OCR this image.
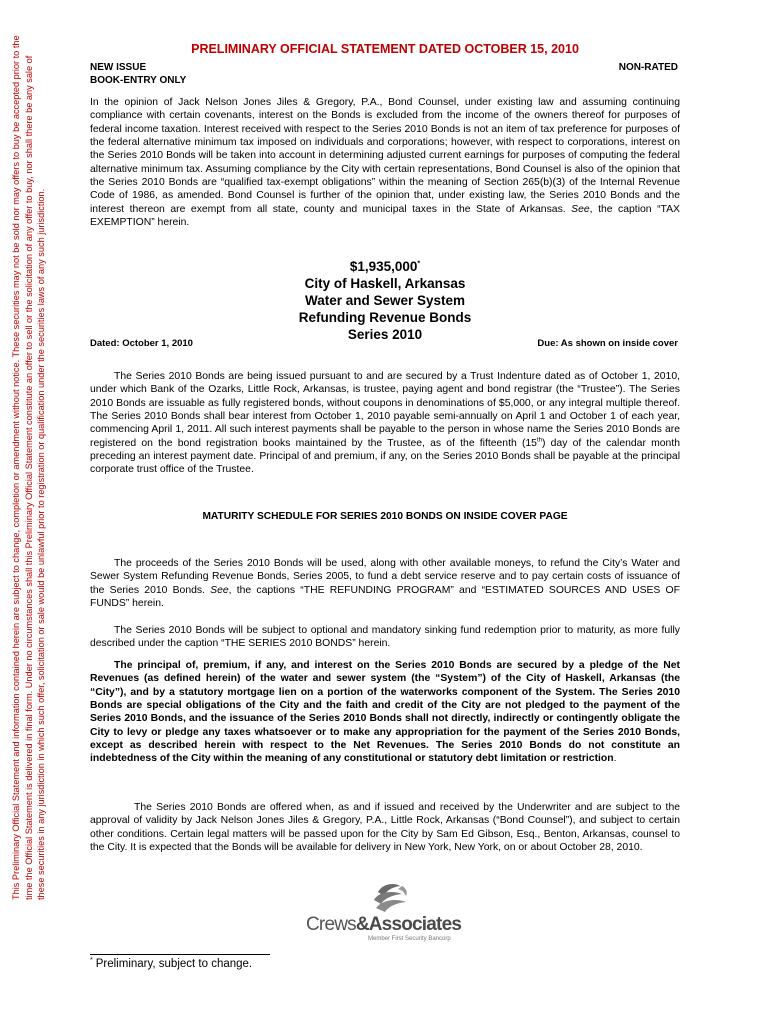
This Preliminary Official Statement and information contained herein are subject to change, completion or amendment without notice. These securities may not be sold nor may offers to buy be accepted prior to the time the Official Statement is delivered in final form. Under no circumstances shall this Preliminary Official Statement constitute an offer to sell or the solicitation of any offer to buy, nor shall there be any sale of these securities in any jurisdiction in which such offer, solicitation or sale would be unlawful prior to registration or qualification under the securities laws of any such jurisdiction.
PRELIMINARY OFFICIAL STATEMENT DATED OCTOBER 15, 2010
NEW ISSUE
BOOK-ENTRY ONLY
NON-RATED
In the opinion of Jack Nelson Jones Jiles & Gregory, P.A., Bond Counsel, under existing law and assuming continuing compliance with certain covenants, interest on the Bonds is excluded from the income of the owners thereof for purposes of federal income taxation. Interest received with respect to the Series 2010 Bonds is not an item of tax preference for purposes of the federal alternative minimum tax imposed on individuals and corporations; however, with respect to corporations, interest on the Series 2010 Bonds will be taken into account in determining adjusted current earnings for purposes of computing the federal alternative minimum tax. Assuming compliance by the City with certain representations, Bond Counsel is also of the opinion that the Series 2010 Bonds are “qualified tax-exempt obligations” within the meaning of Section 265(b)(3) of the Internal Revenue Code of 1986, as amended. Bond Counsel is further of the opinion that, under existing law, the Series 2010 Bonds and the interest thereon are exempt from all state, county and municipal taxes in the State of Arkansas. See, the caption “TAX EXEMPTION” herein.
$1,935,000*
City of Haskell, Arkansas
Water and Sewer System
Refunding Revenue Bonds
Series 2010
Dated: October 1, 2010	Due: As shown on inside cover
The Series 2010 Bonds are being issued pursuant to and are secured by a Trust Indenture dated as of October 1, 2010, under which Bank of the Ozarks, Little Rock, Arkansas, is trustee, paying agent and bond registrar (the “Trustee”). The Series 2010 Bonds are issuable as fully registered bonds, without coupons in denominations of $5,000, or any integral multiple thereof. The Series 2010 Bonds shall bear interest from October 1, 2010 payable semi-annually on April 1 and October 1 of each year, commencing April 1, 2011. All such interest payments shall be payable to the person in whose name the Series 2010 Bonds are registered on the bond registration books maintained by the Trustee, as of the fifteenth (15th) day of the calendar month preceding an interest payment date. Principal of and premium, if any, on the Series 2010 Bonds shall be payable at the principal corporate trust office of the Trustee.
MATURITY SCHEDULE FOR SERIES 2010 BONDS ON INSIDE COVER PAGE
The proceeds of the Series 2010 Bonds will be used, along with other available moneys, to refund the City’s Water and Sewer System Refunding Revenue Bonds, Series 2005, to fund a debt service reserve and to pay certain costs of issuance of the Series 2010 Bonds. See, the captions “THE REFUNDING PROGRAM” and “ESTIMATED SOURCES AND USES OF FUNDS” herein.
The Series 2010 Bonds will be subject to optional and mandatory sinking fund redemption prior to maturity, as more fully described under the caption “THE SERIES 2010 BONDS” herein.
The principal of, premium, if any, and interest on the Series 2010 Bonds are secured by a pledge of the Net Revenues (as defined herein) of the water and sewer system (the “System”) of the City of Haskell, Arkansas (the “City”), and by a statutory mortgage lien on a portion of the waterworks component of the System. The Series 2010 Bonds are special obligations of the City and the faith and credit of the City are not pledged to the payment of the Series 2010 Bonds, and the issuance of the Series 2010 Bonds shall not directly, indirectly or contingently obligate the City to levy or pledge any taxes whatsoever or to make any appropriation for the payment of the Series 2010 Bonds, except as described herein with respect to the Net Revenues. The Series 2010 Bonds do not constitute an indebtedness of the City within the meaning of any constitutional or statutory debt limitation or restriction.
The Series 2010 Bonds are offered when, as and if issued and received by the Underwriter and are subject to the approval of validity by Jack Nelson Jones Jiles & Gregory, P.A., Little Rock, Arkansas (“Bond Counsel”), and subject to certain other conditions. Certain legal matters will be passed upon for the City by Sam Ed Gibson, Esq., Benton, Arkansas, counsel to the City. It is expected that the Bonds will be available for delivery in New York, New York, on or about October 28, 2010.
Crews&Associates
Member First Security Bancorp
* Preliminary, subject to change.
